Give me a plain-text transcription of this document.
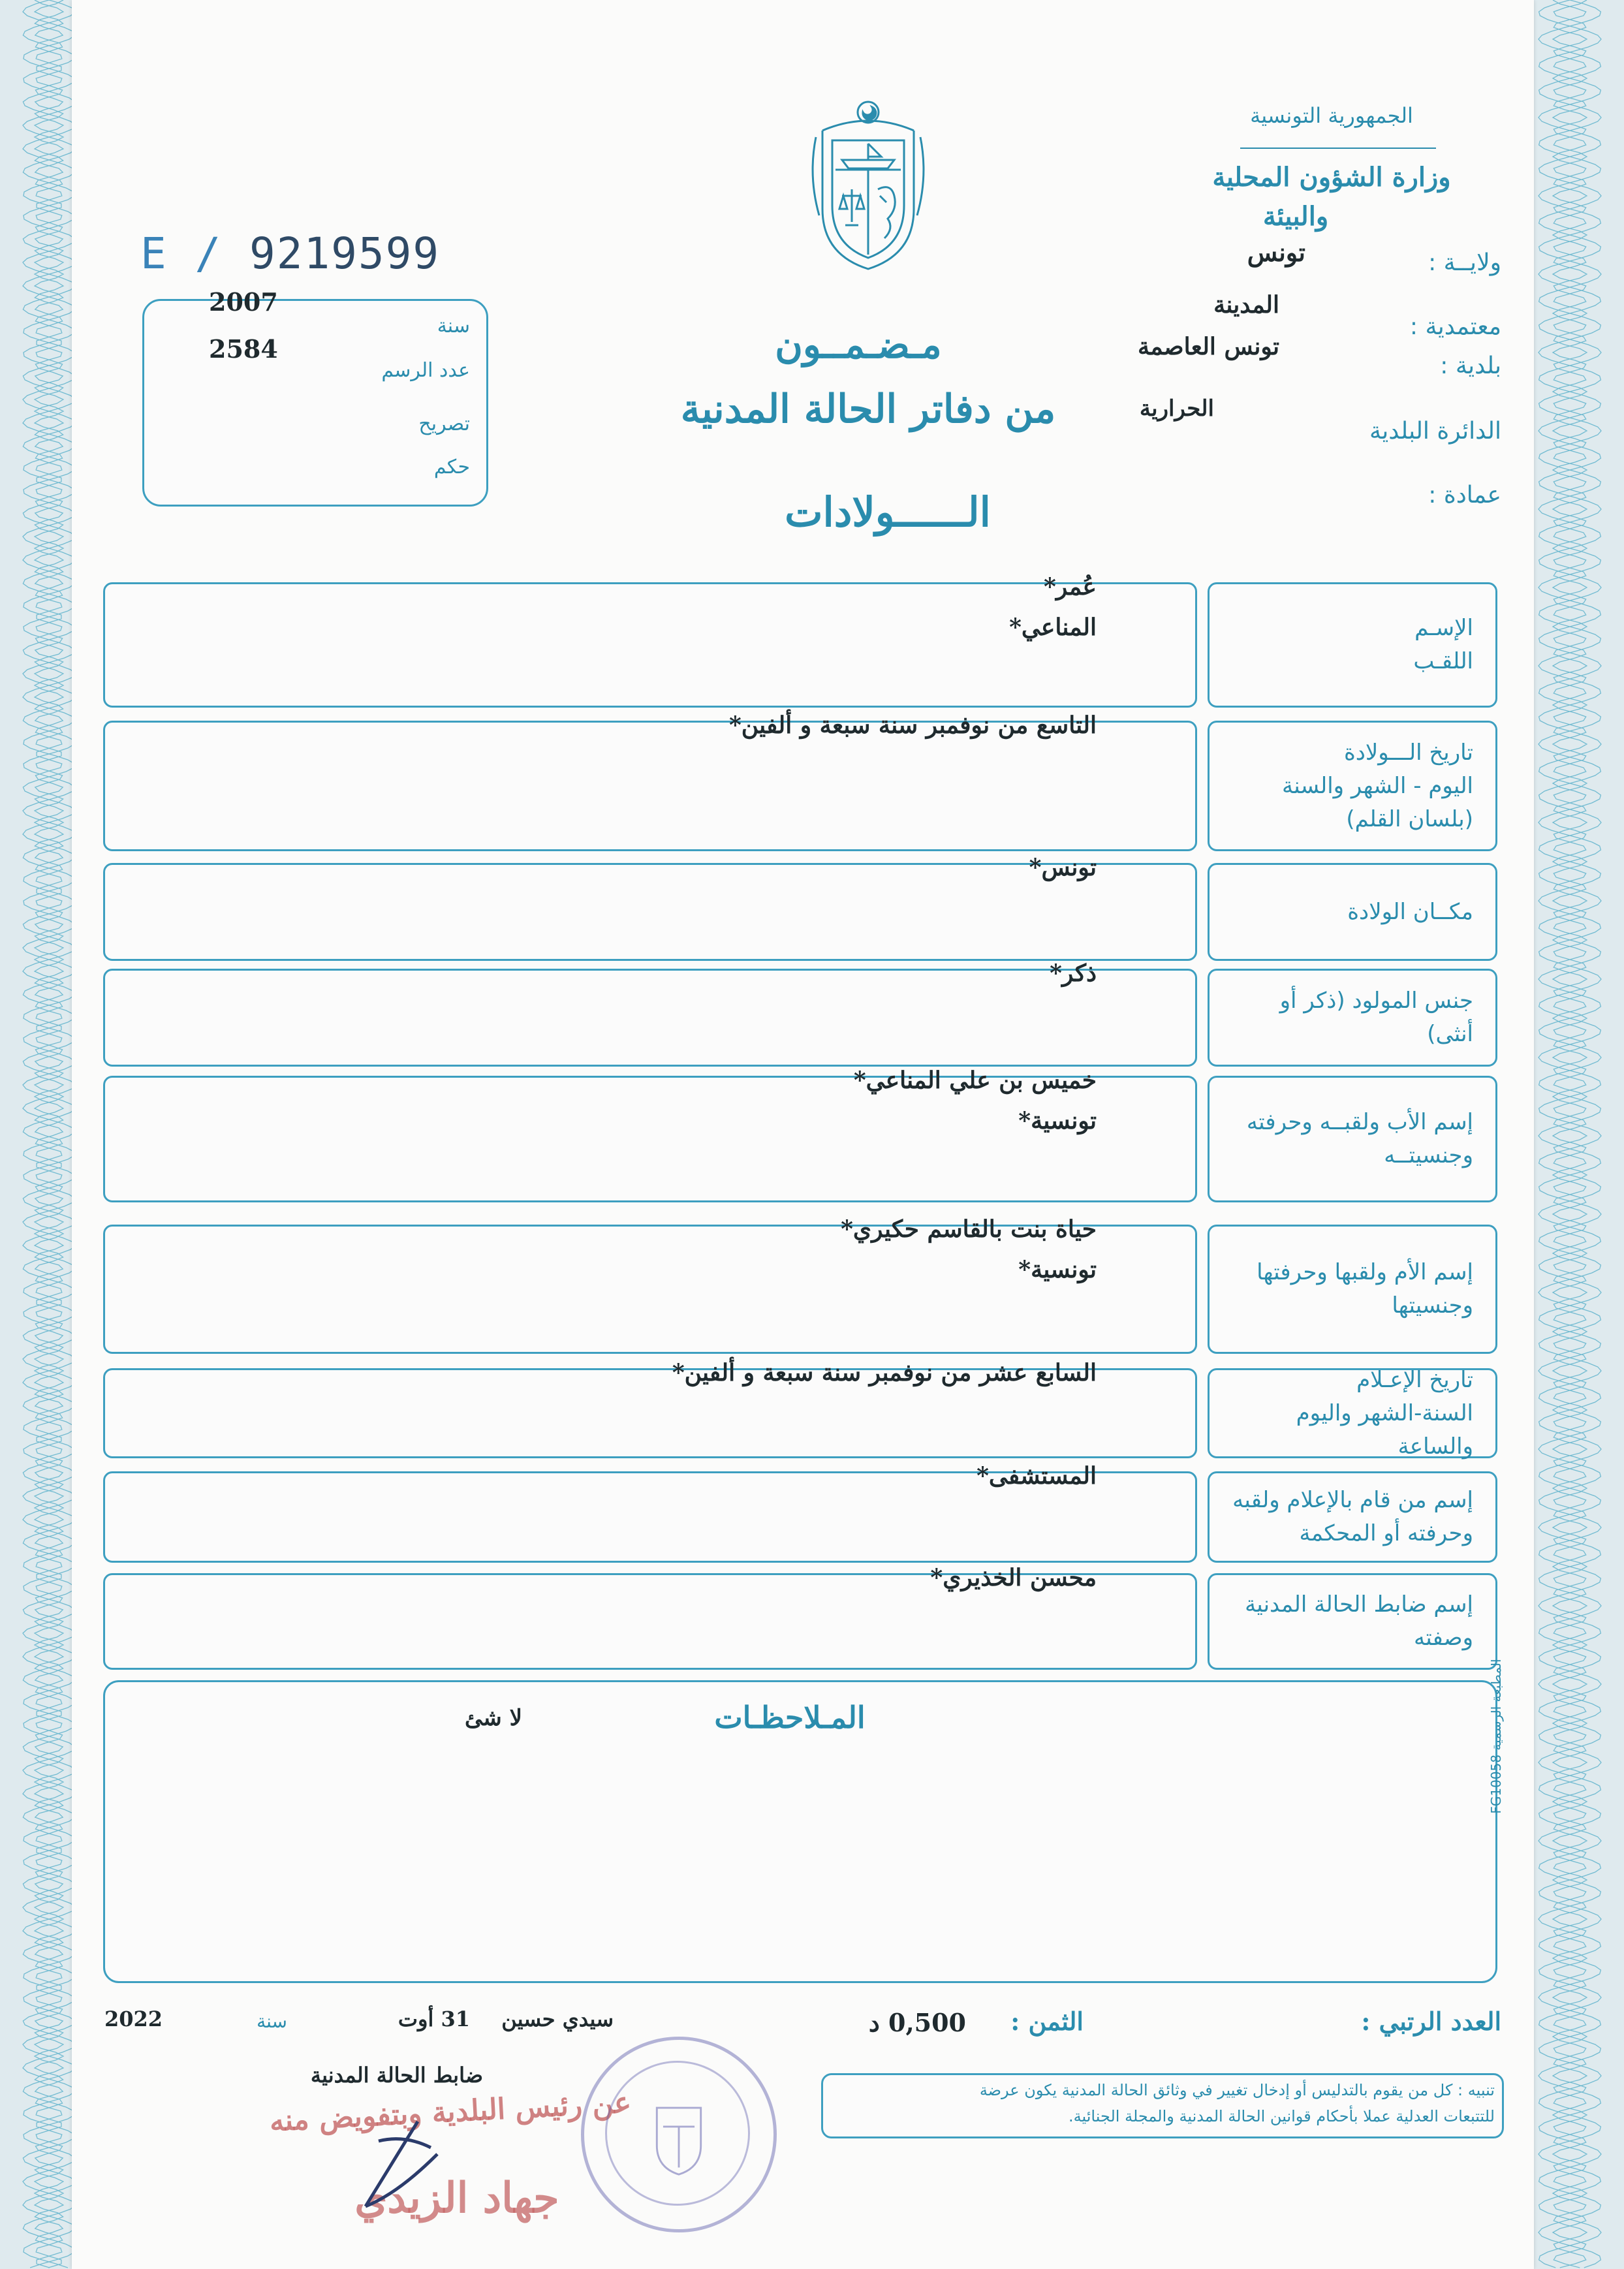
الجمهورية التونسية
وزارة الشؤون المحلية
والبيئة
E / 9219599
2007
2584
سنة
عدد الرسم
تصريح
حكم
مـضـمــون
من دفاتر الحالة المدنية
الــــــولادات
ولايــة :
تونس
معتمدية :
المدينة
بلدية :
تونس العاصمة
الدائرة البلدية
الحرارية
عمادة :
الإسـم
اللقـب
عُمر*
المناعي*
تاريخ الـــولادة
اليوم - الشهر والسنة
(بلسان القلم)
التاسع من نوفمبر سنة سبعة و ألفين*
مكــان الولادة
تونس*
جنس المولود (ذكر أو أنثى)
ذكر*
إسم الأب ولقبــه وحرفته
وجنسيتــه
خميس بن علي المناعي*
تونسية*
إسم الأم ولقبها وحرفتها
وجنسيتها
حياة بنت بالقاسم حكيري*
تونسية*
تاريخ الإعـلام
السنة-الشهر واليوم والساعة
السابع عشر من نوفمبر سنة سبعة و ألفين*
إسم من قام بالإعلام ولقبه
وحرفته أو المحكمة
المستشفى*
إسم ضابط الحالة المدنية
وصفته
محسن الخذيري*
المـلاحظـات
لا شئ
المطبعة الرسمية FG10058
العدد الرتبي :
الثمن :
0,500 د
سيدي حسين
31 أوت
سنة
2022
تنبيه : كل من يقوم بالتدليس أو إدخال تغيير في وثائق الحالة المدنية يكون عرضة
للتتبعات العدلية عملا بأحكام قوانين الحالة المدنية والمجلة الجنائية.
ضابط الحالة المدنية
عن رئيس البلدية وبتفويض منه
جهاد الزيدي
